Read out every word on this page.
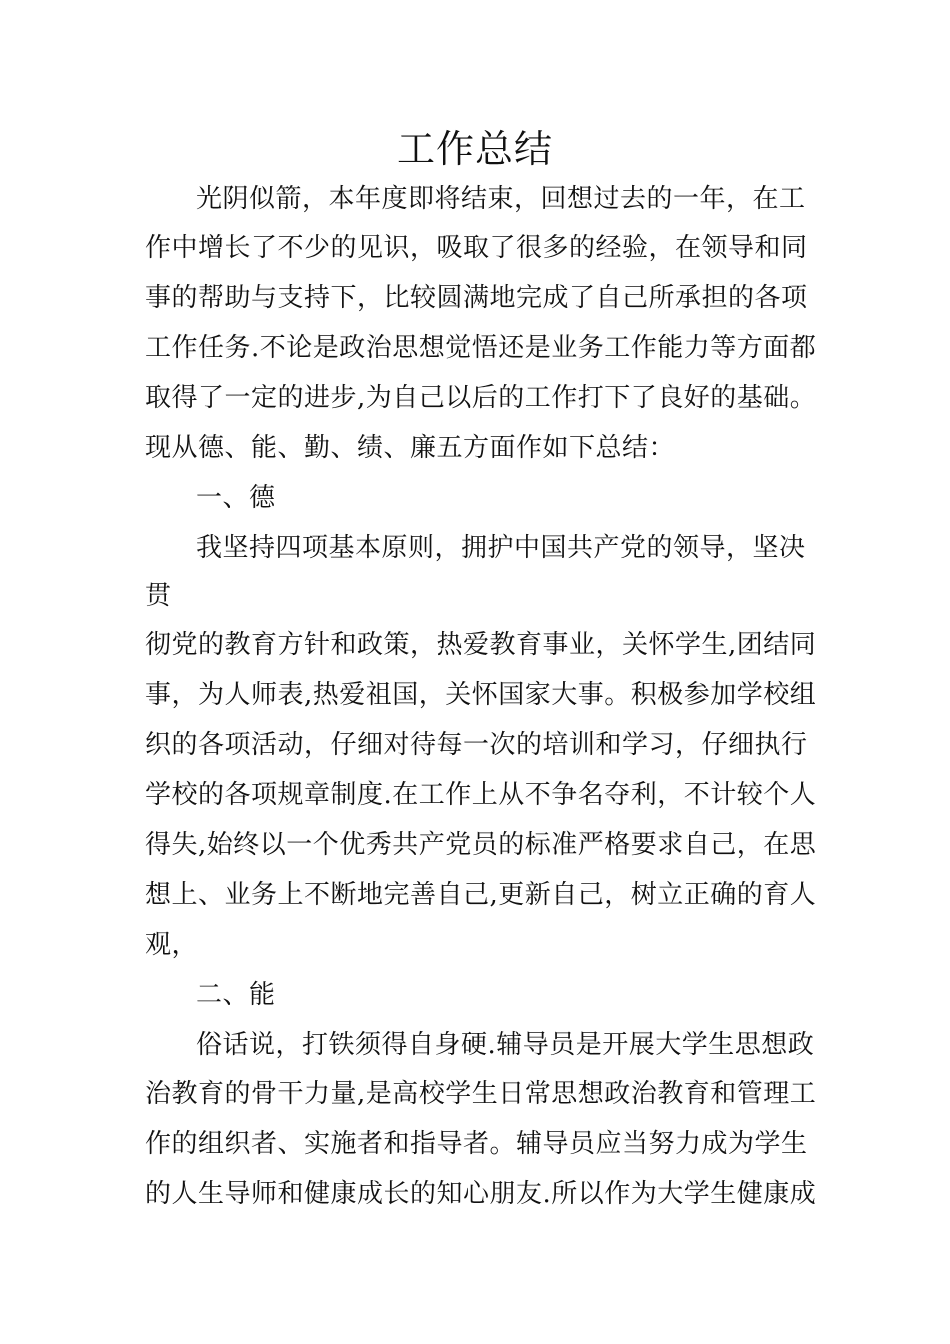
工作总结
光阴似箭，本年度即将结束，回想过去的一年，在工
作中增长了不少的见识，吸取了很多的经验，在领导和同
事的帮助与支持下，比较圆满地完成了自己所承担的各项
工作任务.不论是政治思想觉悟还是业务工作能力等方面都
取得了一定的进步,为自己以后的工作打下了良好的基础。
现从德、能、勤、绩、廉五方面作如下总结：
一、德
我坚持四项基本原则，拥护中国共产党的领导，坚决
贯
彻党的教育方针和政策，热爱教育事业，关怀学生,团结同
事，为人师表,热爱祖国，关怀国家大事。积极参加学校组
织的各项活动，仔细对待每一次的培训和学习，仔细执行
学校的各项规章制度.在工作上从不争名夺利，不计较个人
得失,始终以一个优秀共产党员的标准严格要求自己，在思
想上、业务上不断地完善自己,更新自己，树立正确的育人
观，
二、能
俗话说，打铁须得自身硬.辅导员是开展大学生思想政
治教育的骨干力量,是高校学生日常思想政治教育和管理工
作的组织者、实施者和指导者。辅导员应当努力成为学生
的人生导师和健康成长的知心朋友.所以作为大学生健康成
